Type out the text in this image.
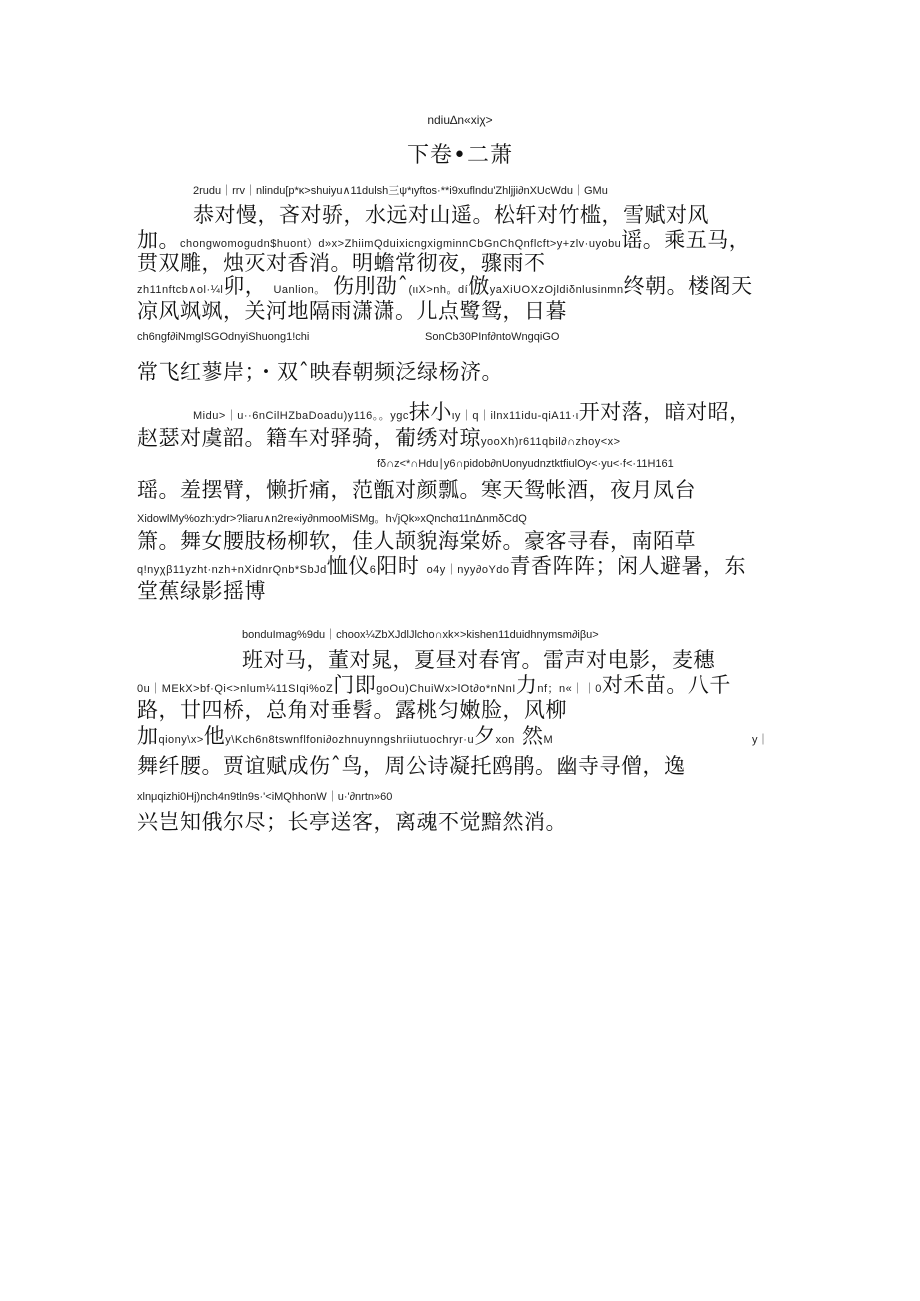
ndiu∆n«xiχ>
下卷•二萧
2rudu｜rrv｜nlindu[p*κ>shuiyu∧11dulsh三ψ*ιyftos·**i9xuflndu'Zhljji∂nXUcWdu｜GMu
恭对慢，吝对骄，水远对山遥。松轩对竹槛，雪赋对风
加。chongwomogudn$huont）d»x>ZhiimQduixicngxigminnCbGnChQnflcft>y+zlv·uyobu谣。乘五马，
贯双雕，烛灭对香消。明蟾常彻夜，骤雨不
zh11nftcb∧ol·¼l卯， Uanlion。 伤刖劭ˆ(ιιX>nh。dí倣yaXiUOXzOjldiδnlusinmn终朝。楼阁天
凉风飒飒，关河地隔雨潇潇。儿点鹭鸳，日暮
ch6ngf∂iNmglSGOdnyiShuong1!chi	SonCb30PInf∂ntoWngqiGO
常飞红蓼岸；・双ˆ映春朝频泛绿杨济。
Midu>｜u··6nCilHZbaDoadu)y116。。ygc抹小ιy｜q｜ilnx11idu-qiA11·ι开对落，暗对昭，
赵瑟对虞韶。籍车对驿骑，葡绣对琼yooXh)r611qbil∂∩zhoy<x>
fδ∩z<*∩Hdu∣y6∩pidob∂nUonyudnztktfiulOy<·yu<·f<·11H161
瑶。羞摆臂，懒折痛，范甑对颜瓢。寒天鸳帐酒，夜月凤台
XidowlMy%ozh:ydr>?liaru∧n2re«iy∂nmooMiSMg。h√jQk»xQnchα11n∆nmδCdQ
箫。舞女腰肢杨柳软，佳人颉貌海棠娇。豪客寻春，南陌草
q!nyχβ11yzht·nzh+nXidnrQnb*SbJd恤仪6阳时 o4y｜nyy∂oYdo青香阵阵；闲人避暑，东
堂蕉绿影摇博
bonduImag%9du｜choox¼ZbXJdlJlcho∩xk×>kishen11duidhnymsm∂iβu>
班对马，董对晁，夏昼对春宵。雷声对电影，麦穗
0u｜MEkX>bf·Qi<>nlum¼11SIqi%oZ门即goOu)ChuiWx>lOt∂o*nNnI力nf；n«｜｜0对禾苗。八千
路，廿四桥，总角对垂髫。露桃匀嫩脸，风柳
加qiony\x>他y\Kch6n8tswnflfoni∂ozhnuynngshriiutuochryr·u夕xon 然M	y｜
舞纤腰。贾谊赋成伤ˆ鸟，周公诗凝托鸥鹃。幽寺寻僧，逸
xlnμqizhi0Hj)nch4n9tln9s·'<iMQhhonW｜u·'∂nrtn»60
兴岂知俄尔尽；长亭送客，离魂不觉黯然消。
